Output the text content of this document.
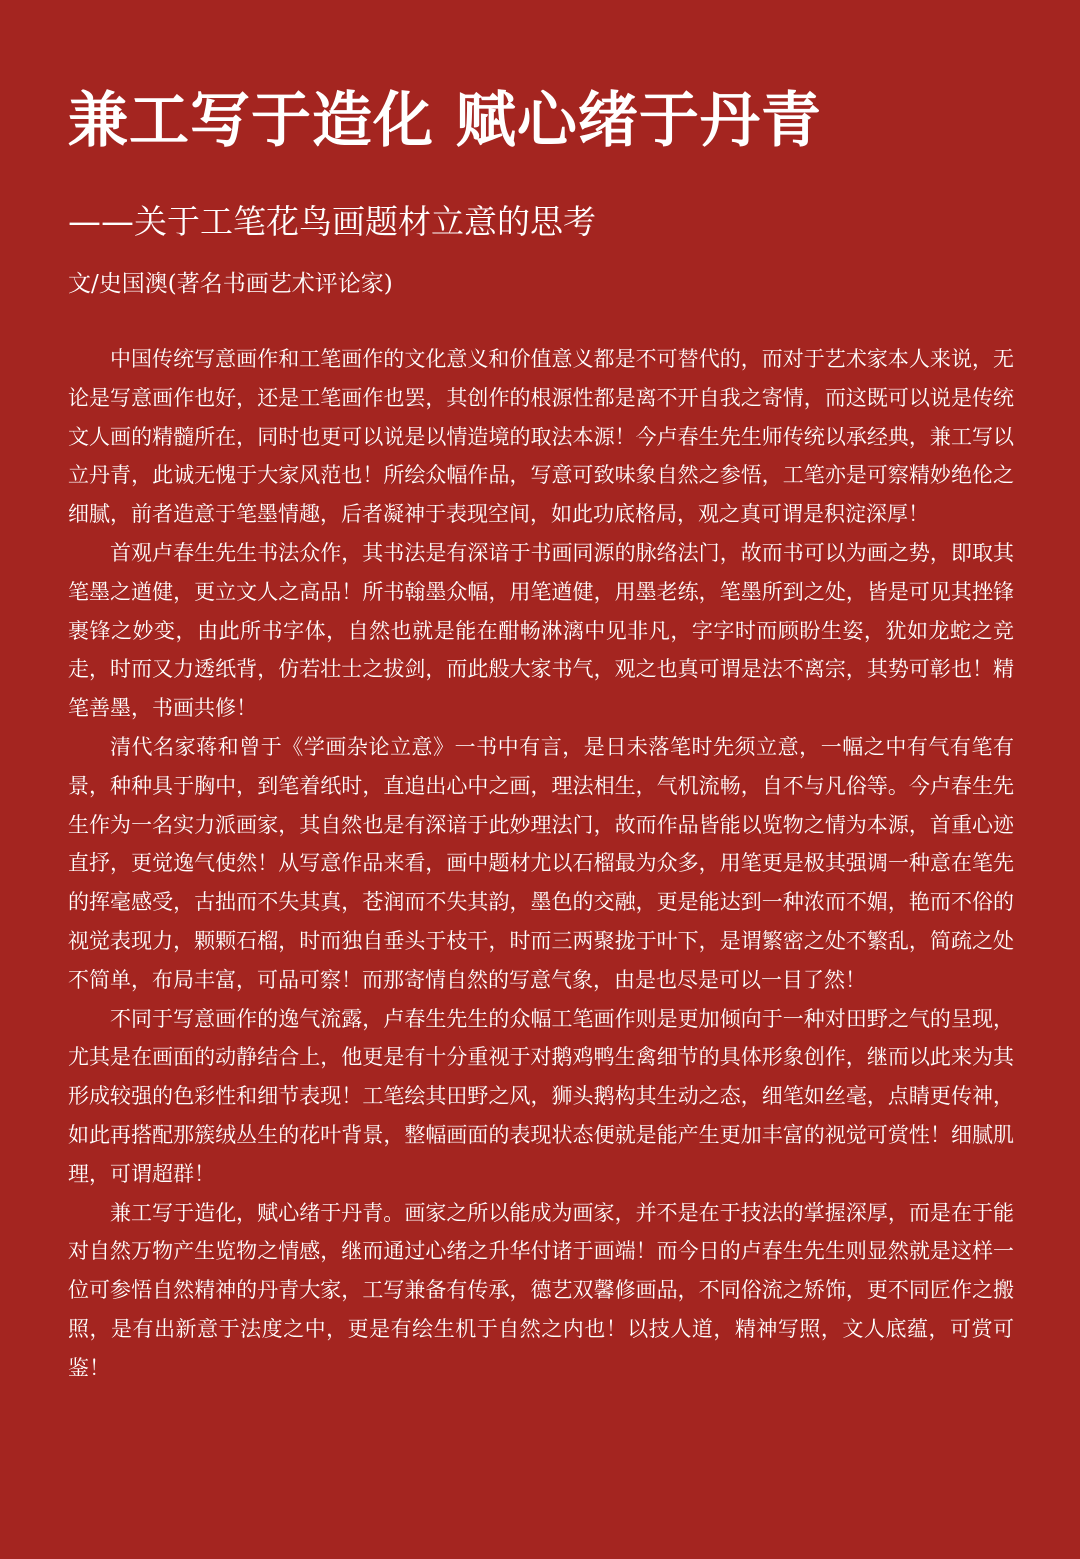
兼工写于造化 赋心绪于丹青
——关于工笔花鸟画题材立意的思考
文/史国澳(著名书画艺术评论家)

中国传统写意画作和工笔画作的文化意义和价值意义都是不可替代的，而对于艺术家本人来说，无论是写意画作也好，还是工笔画作也罢，其创作的根源性都是离不开自我之寄情，而这既可以说是传统文人画的精髓所在，同时也更可以说是以情造境的取法本源！今卢春生先生师传统以承经典，兼工写以立丹青，此诚无愧于大家风范也！所绘众幅作品，写意可致味象自然之参悟，工笔亦是可察精妙绝伦之细腻，前者造意于笔墨情趣，后者凝神于表现空间，如此功底格局，观之真可谓是积淀深厚！

首观卢春生先生书法众作，其书法是有深谙于书画同源的脉络法门，故而书可以为画之势，即取其笔墨之遒健，更立文人之高品！所书翰墨众幅，用笔遒健，用墨老练，笔墨所到之处，皆是可见其挫锋裹锋之妙变，由此所书字体，自然也就是能在酣畅淋漓中见非凡，字字时而顾盼生姿，犹如龙蛇之竞走，时而又力透纸背，仿若壮士之拔剑，而此般大家书气，观之也真可谓是法不离宗，其势可彰也！精笔善墨，书画共修！

清代名家蒋和曾于《学画杂论立意》一书中有言，是日未落笔时先须立意，一幅之中有气有笔有景，种种具于胸中，到笔着纸时，直追出心中之画，理法相生，气机流畅，自不与凡俗等。今卢春生先生作为一名实力派画家，其自然也是有深谙于此妙理法门，故而作品皆能以览物之情为本源，首重心迹直抒，更觉逸气使然！从写意作品来看，画中题材尤以石榴最为众多，用笔更是极其强调一种意在笔先的挥毫感受，古拙而不失其真，苍润而不失其韵，墨色的交融，更是能达到一种浓而不媚，艳而不俗的视觉表现力，颗颗石榴，时而独自垂头于枝干，时而三两聚拢于叶下，是谓繁密之处不繁乱，简疏之处不简单，布局丰富，可品可察！而那寄情自然的写意气象，由是也尽是可以一目了然！

不同于写意画作的逸气流露，卢春生先生的众幅工笔画作则是更加倾向于一种对田野之气的呈现，尤其是在画面的动静结合上，他更是有十分重视于对鹅鸡鸭生禽细节的具体形象创作，继而以此来为其形成较强的色彩性和细节表现！工笔绘其田野之风，狮头鹅构其生动之态，细笔如丝毫，点睛更传神，如此再搭配那簇绒丛生的花叶背景，整幅画面的表现状态便就是能产生更加丰富的视觉可赏性！细腻肌理，可谓超群！

兼工写于造化，赋心绪于丹青。画家之所以能成为画家，并不是在于技法的掌握深厚，而是在于能对自然万物产生览物之情感，继而通过心绪之升华付诸于画端！而今日的卢春生先生则显然就是这样一位可参悟自然精神的丹青大家，工写兼备有传承，德艺双馨修画品，不同俗流之矫饰，更不同匠作之搬照，是有出新意于法度之中，更是有绘生机于自然之内也！以技人道，精神写照，文人底蕴，可赏可鉴！
